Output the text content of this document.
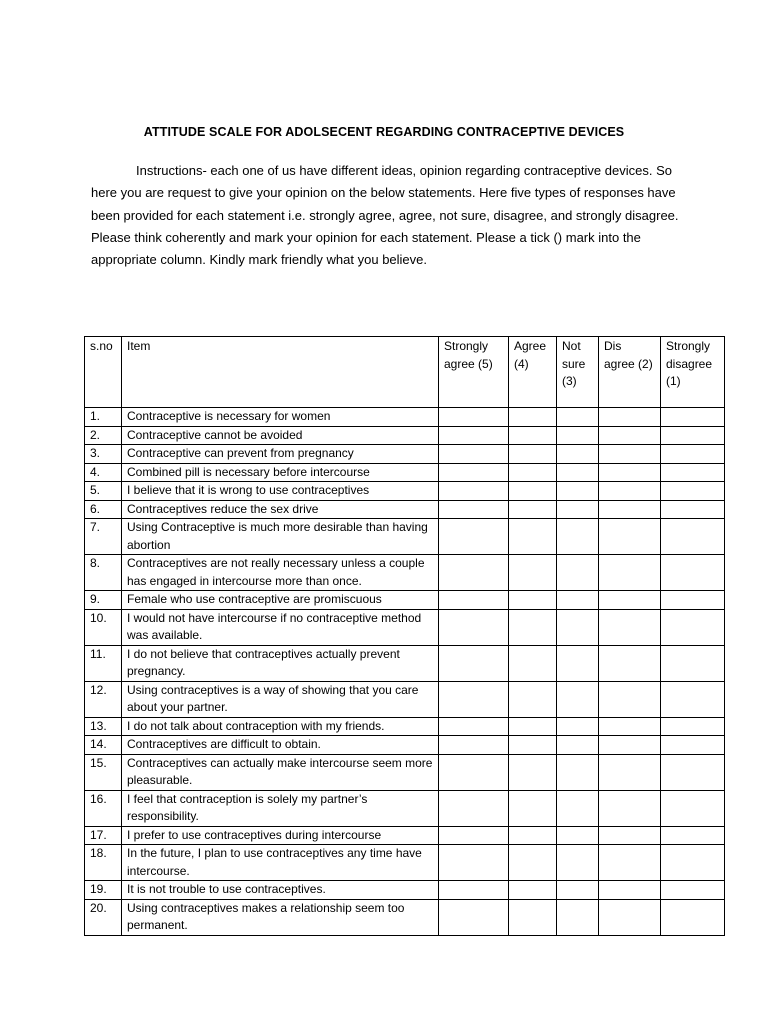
ATTITUDE SCALE FOR ADOLSECENT REGARDING CONTRACEPTIVE DEVICES

Instructions- each one of us have different ideas, opinion regarding contraceptive devices. So here you are request to give your opinion on the below statements. Here five types of responses have been provided for each statement i.e. strongly agree, agree, not sure, disagree, and strongly disagree. Please think coherently and mark your opinion for each statement. Please a tick () mark into the appropriate column. Kindly mark friendly what you believe.

s.no	Item	Strongly agree (5)	Agree (4)	Not sure (3)	Dis agree (2)	Strongly disagree (1)
1.	Contraceptive is necessary for women					
2.	Contraceptive cannot be avoided					
3.	Contraceptive can prevent from pregnancy					
4.	Combined pill is necessary before intercourse					
5.	I believe that it is wrong to use contraceptives					
6.	Contraceptives reduce the sex drive					
7.	Using Contraceptive is much more desirable than having abortion					
8.	Contraceptives are not really necessary unless a couple has engaged in intercourse more than once.					
9.	Female who use contraceptive are promiscuous					
10.	I would not have intercourse if no contraceptive method was available.					
11.	I do not believe that contraceptives actually prevent pregnancy.					
12.	Using contraceptives is a way of showing that you care about your partner.					
13.	I do not talk about contraception with my friends.					
14.	Contraceptives are difficult to obtain.					
15.	Contraceptives can actually make intercourse seem more pleasurable.					
16.	I feel that contraception is solely my partner’s responsibility.					
17.	I prefer to use contraceptives during intercourse					
18.	In the future, I plan to use contraceptives any time have intercourse.					
19.	It is not trouble to use contraceptives.					
20.	Using contraceptives makes a relationship seem too permanent.					
